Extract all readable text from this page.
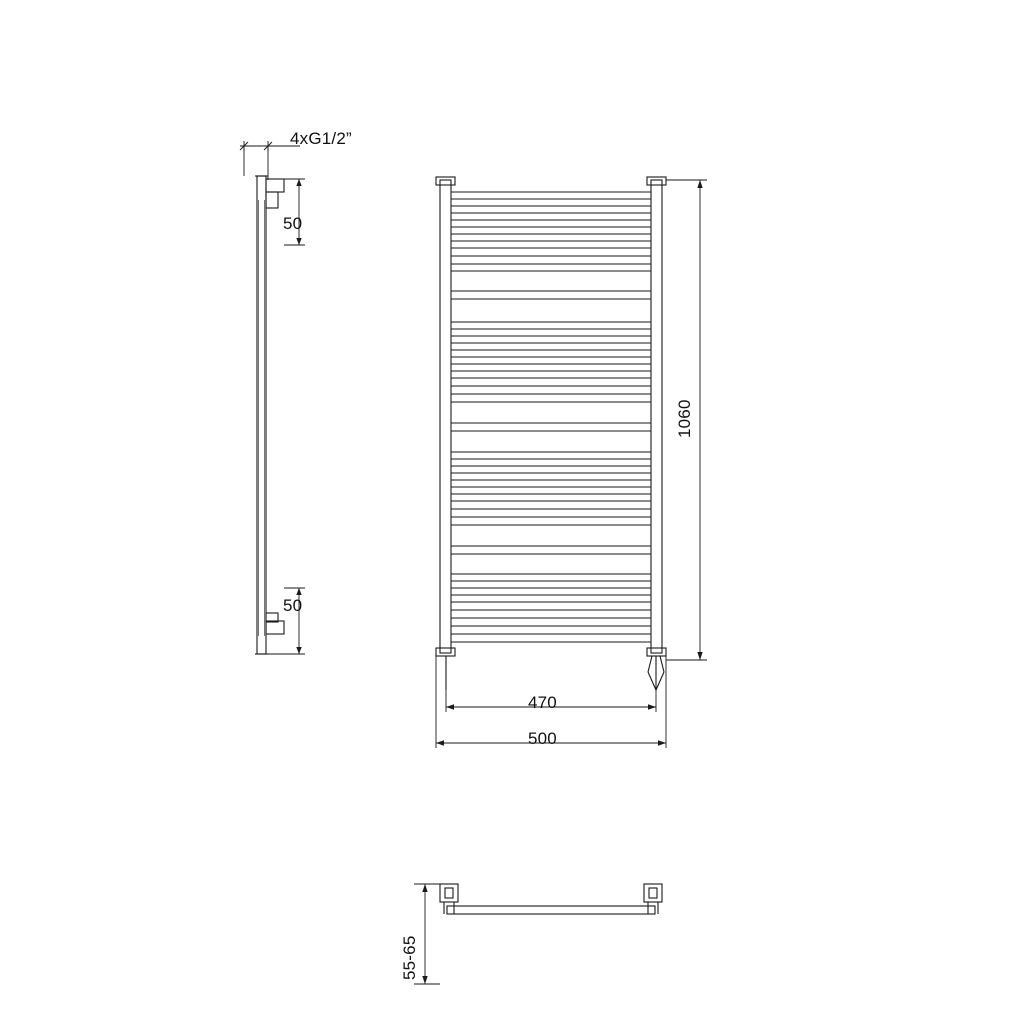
4xG1/2”
50
50
1060
470
500
55-65
